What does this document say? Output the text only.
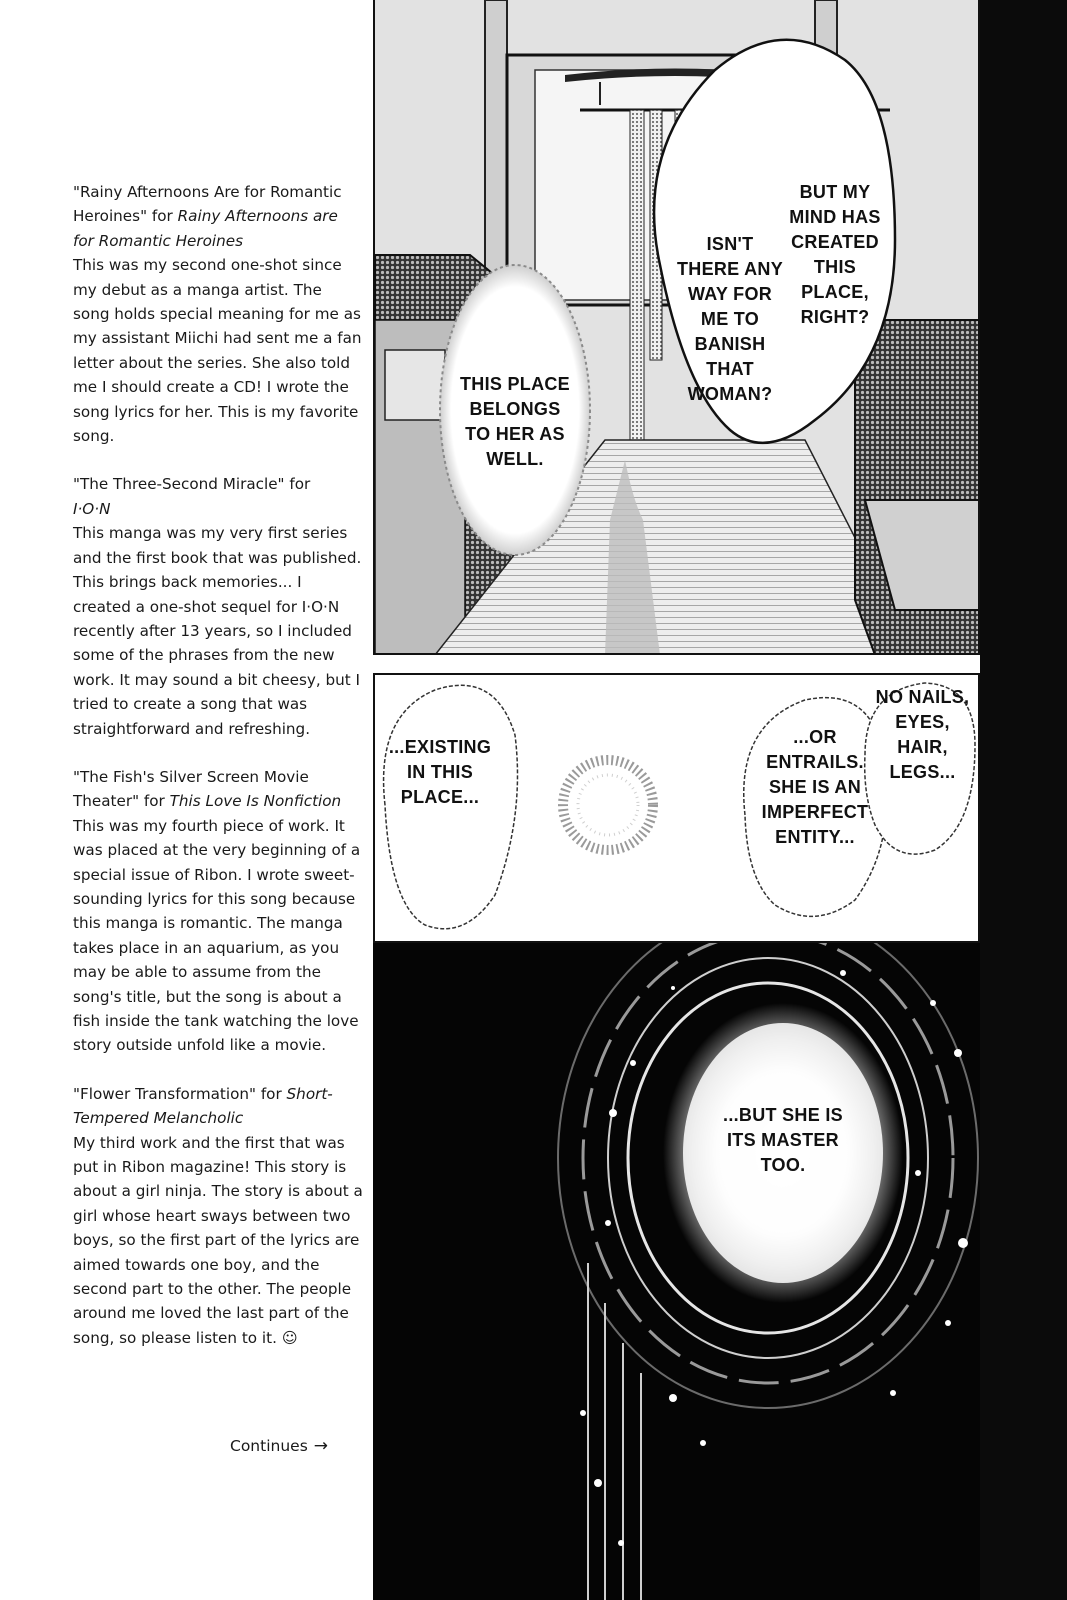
"Rainy Afternoons Are for Romantic Heroines" for Rainy Afternoons are for Romantic Heroines

This was my second one-shot since my debut as a manga artist. The song holds special meaning for me as my assistant Miichi had sent me a fan letter about the series. She also told me I should create a CD! I wrote the song lyrics for her. This is my favorite song.

"The Three-Second Miracle" for
I·O·N

This manga was my very first series and the first book that was published. This brings back memories... I created a one-shot sequel for I·O·N recently after 13 years, so I included some of the phrases from the new work. It may sound a bit cheesy, but I tried to create a song that was straightforward and refreshing.

"The Fish's Silver Screen Movie Theater" for This Love Is Nonfiction

This was my fourth piece of work. It was placed at the very beginning of a special issue of Ribon. I wrote sweet-sounding lyrics for this song because this manga is romantic. The manga takes place in an aquarium, as you may be able to assume from the song's title, but the song is about a fish inside the tank watching the love story outside unfold like a movie.

"Flower Transformation" for Short-Tempered Melancholic

My third work and the first that was put in Ribon magazine! This story is about a girl ninja. The story is about a girl whose heart sways between two boys, so the first part of the lyrics are aimed towards one boy, and the second part to the other. The people around me loved the last part of the song, so please listen to it. ☺

Continues →
THIS PLACE
BELONGS
TO HER AS
WELL.
ISN'T
THERE ANY
WAY FOR
ME TO
BANISH
THAT
WOMAN?
BUT MY
MIND HAS
CREATED
THIS
PLACE,
RIGHT?
...EXISTING
IN THIS
PLACE...
...OR
ENTRAILS.
SHE IS AN
IMPERFECT
ENTITY...
NO NAILS,
EYES,
HAIR,
LEGS...
...BUT SHE IS
ITS MASTER
TOO.
